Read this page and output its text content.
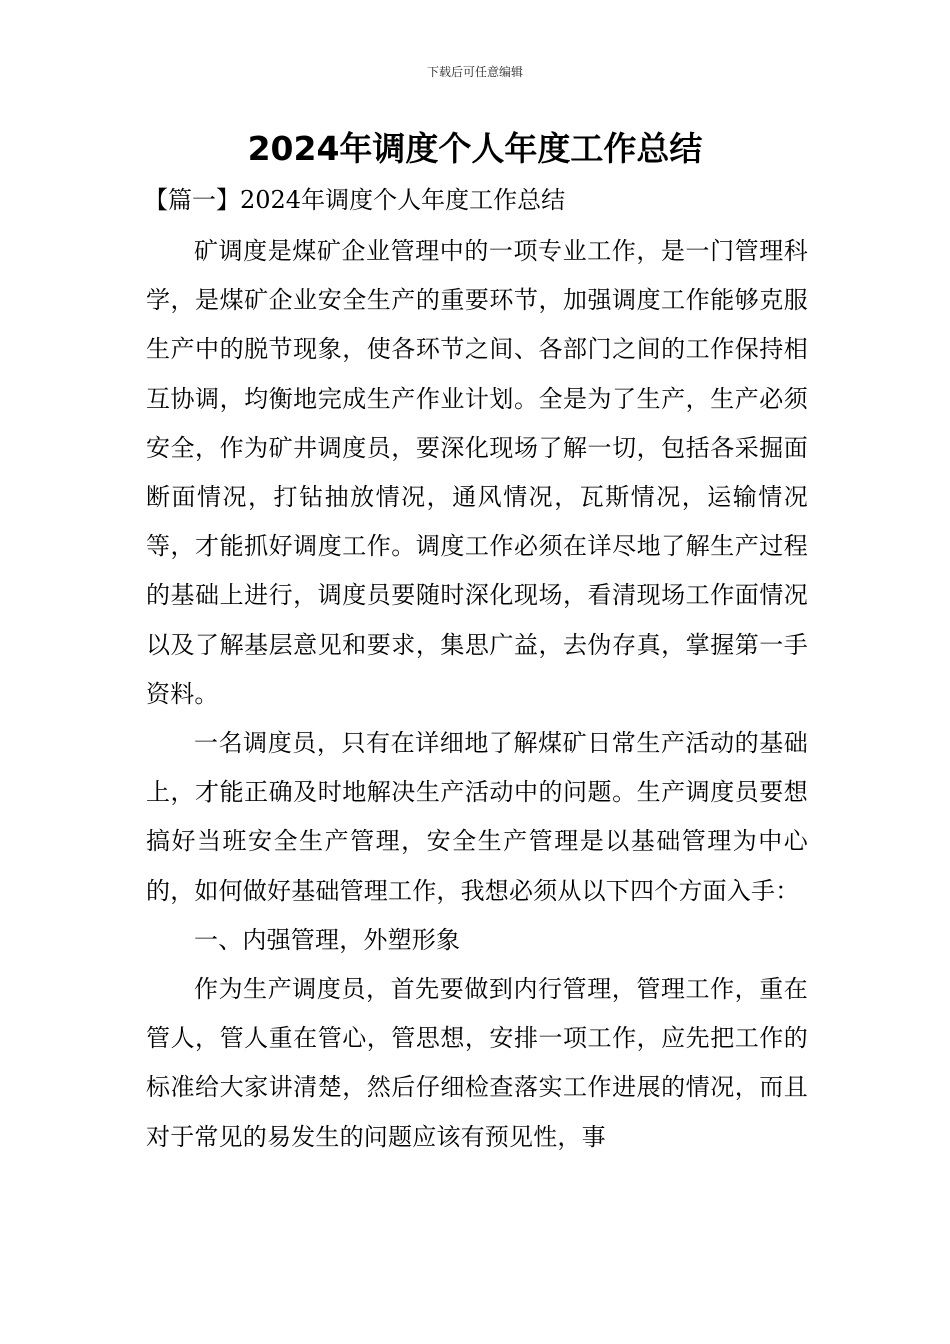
下载后可任意编辑
2024年调度个人年度工作总结
【篇一】2024年调度个人年度工作总结

矿调度是煤矿企业管理中的一项专业工作，是一门管理科学，是煤矿企业安全生产的重要环节，加强调度工作能够克服生产中的脱节现象，使各环节之间、各部门之间的工作保持相互协调，均衡地完成生产作业计划。全是为了生产，生产必须安全，作为矿井调度员，要深化现场了解一切，包括各采掘面断面情况，打钻抽放情况，通风情况，瓦斯情况，运输情况等，才能抓好调度工作。调度工作必须在详尽地了解生产过程的基础上进行，调度员要随时深化现场，看清现场工作面情况以及了解基层意见和要求，集思广益，去伪存真，掌握第一手资料。

一名调度员，只有在详细地了解煤矿日常生产活动的基础上，才能正确及时地解决生产活动中的问题。生产调度员要想搞好当班安全生产管理，安全生产管理是以基础管理为中心的，如何做好基础管理工作，我想必须从以下四个方面入手：

一、内强管理，外塑形象

作为生产调度员，首先要做到内行管理，管理工作，重在管人，管人重在管心，管思想，安排一项工作，应先把工作的标准给大家讲清楚，然后仔细检查落实工作进展的情况，而且对于常见的易发生的问题应该有预见性，事
